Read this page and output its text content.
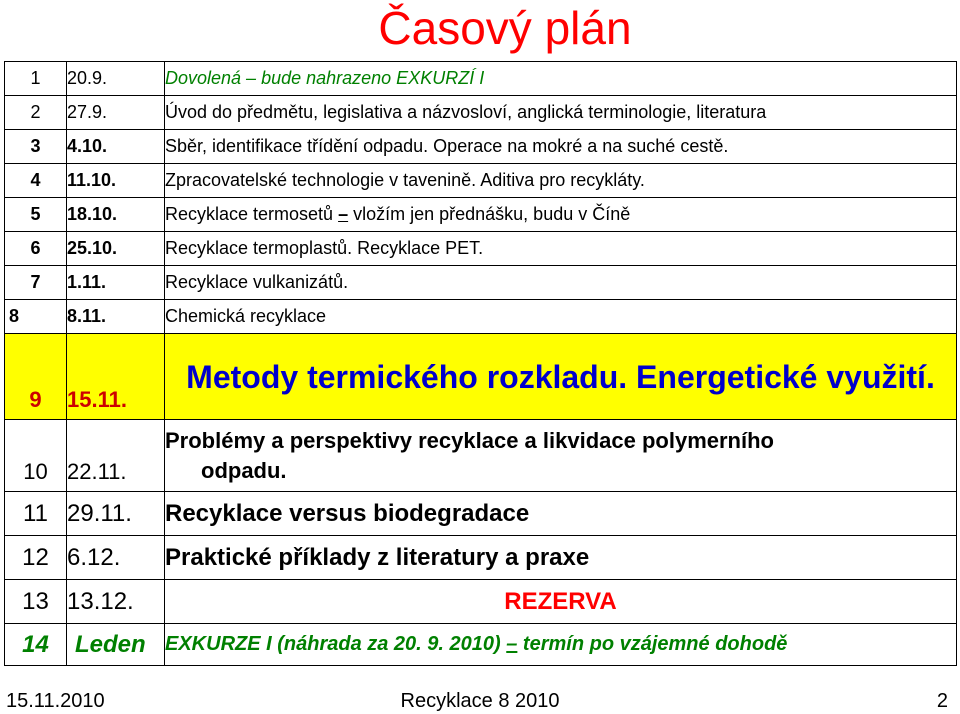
Časový plán
1	20.9.	Dovolená – bude nahrazeno EXKURZÍ I
2	27.9.	Úvod do předmětu, legislativa a názvosloví, anglická terminologie, literatura
3	4.10.	Sběr, identifikace třídění odpadu. Operace na mokré a na suché cestě.
4	11.10.	Zpracovatelské technologie v tavenině. Aditiva pro recykláty.
5	18.10.	Recyklace termosetů – vložím jen přednášku, budu v Číně
6	25.10.	Recyklace termoplastů. Recyklace PET.
7	1.11.	Recyklace vulkanizátů.
8	8.11.	Chemická recyklace
9	15.11.	Metody termického rozkladu. Energetické využití.
10	22.11.	Problémy a perspektivy recyklace a likvidace polymerního
odpadu.
11	29.11.	Recyklace versus biodegradace
12	6.12.	Praktické příklady z literatury a praxe
13	13.12.	REZERVA
14	Leden	EXKURZE I (náhrada za 20. 9. 2010) – termín po vzájemné dohodě
15.11.2010	Recyklace 8 2010	2
